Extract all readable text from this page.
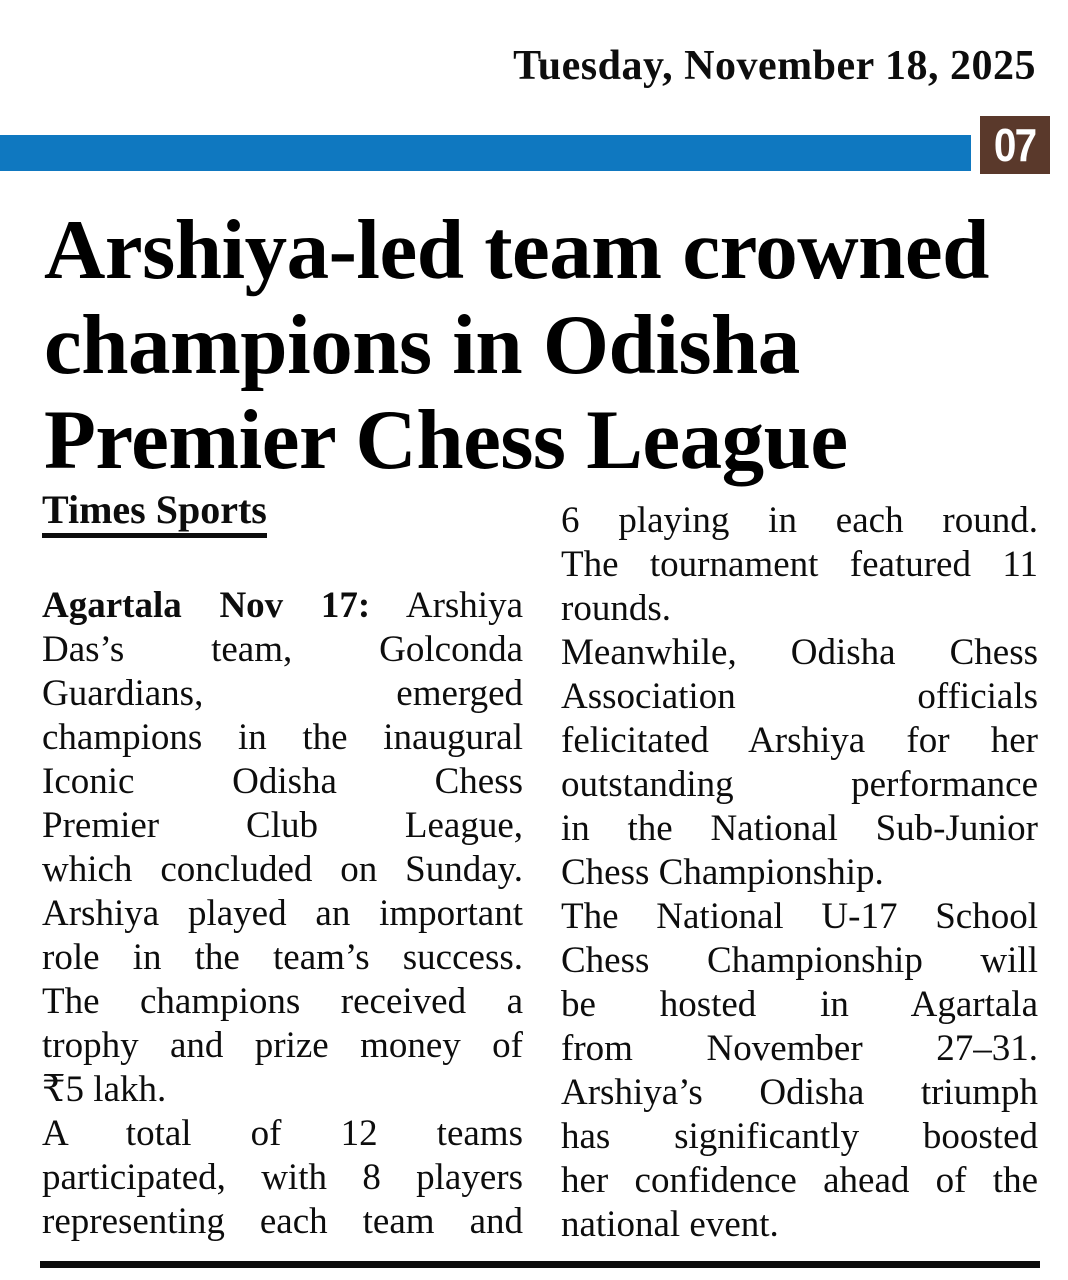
Tuesday, November 18, 2025
07
Arshiya-led team crowned
champions in Odisha
Premier Chess League
Times Sports
Agartala Nov 17: Arshiya
Das’s team, Golconda
Guardians, emerged
champions in the inaugural
Iconic Odisha Chess
Premier Club League,
which concluded on Sunday.
Arshiya played an important
role in the team’s success.
The champions received a
trophy and prize money of
₹5 lakh.
A total of 12 teams
participated, with 8 players
representing each team and
6 playing in each round.
The tournament featured 11
rounds.
Meanwhile, Odisha Chess
Association officials
felicitated Arshiya for her
outstanding performance
in the National Sub-Junior
Chess Championship.
The National U-17 School
Chess Championship will
be hosted in Agartala
from November 27–31.
Arshiya’s Odisha triumph
has significantly boosted
her confidence ahead of the
national event.
